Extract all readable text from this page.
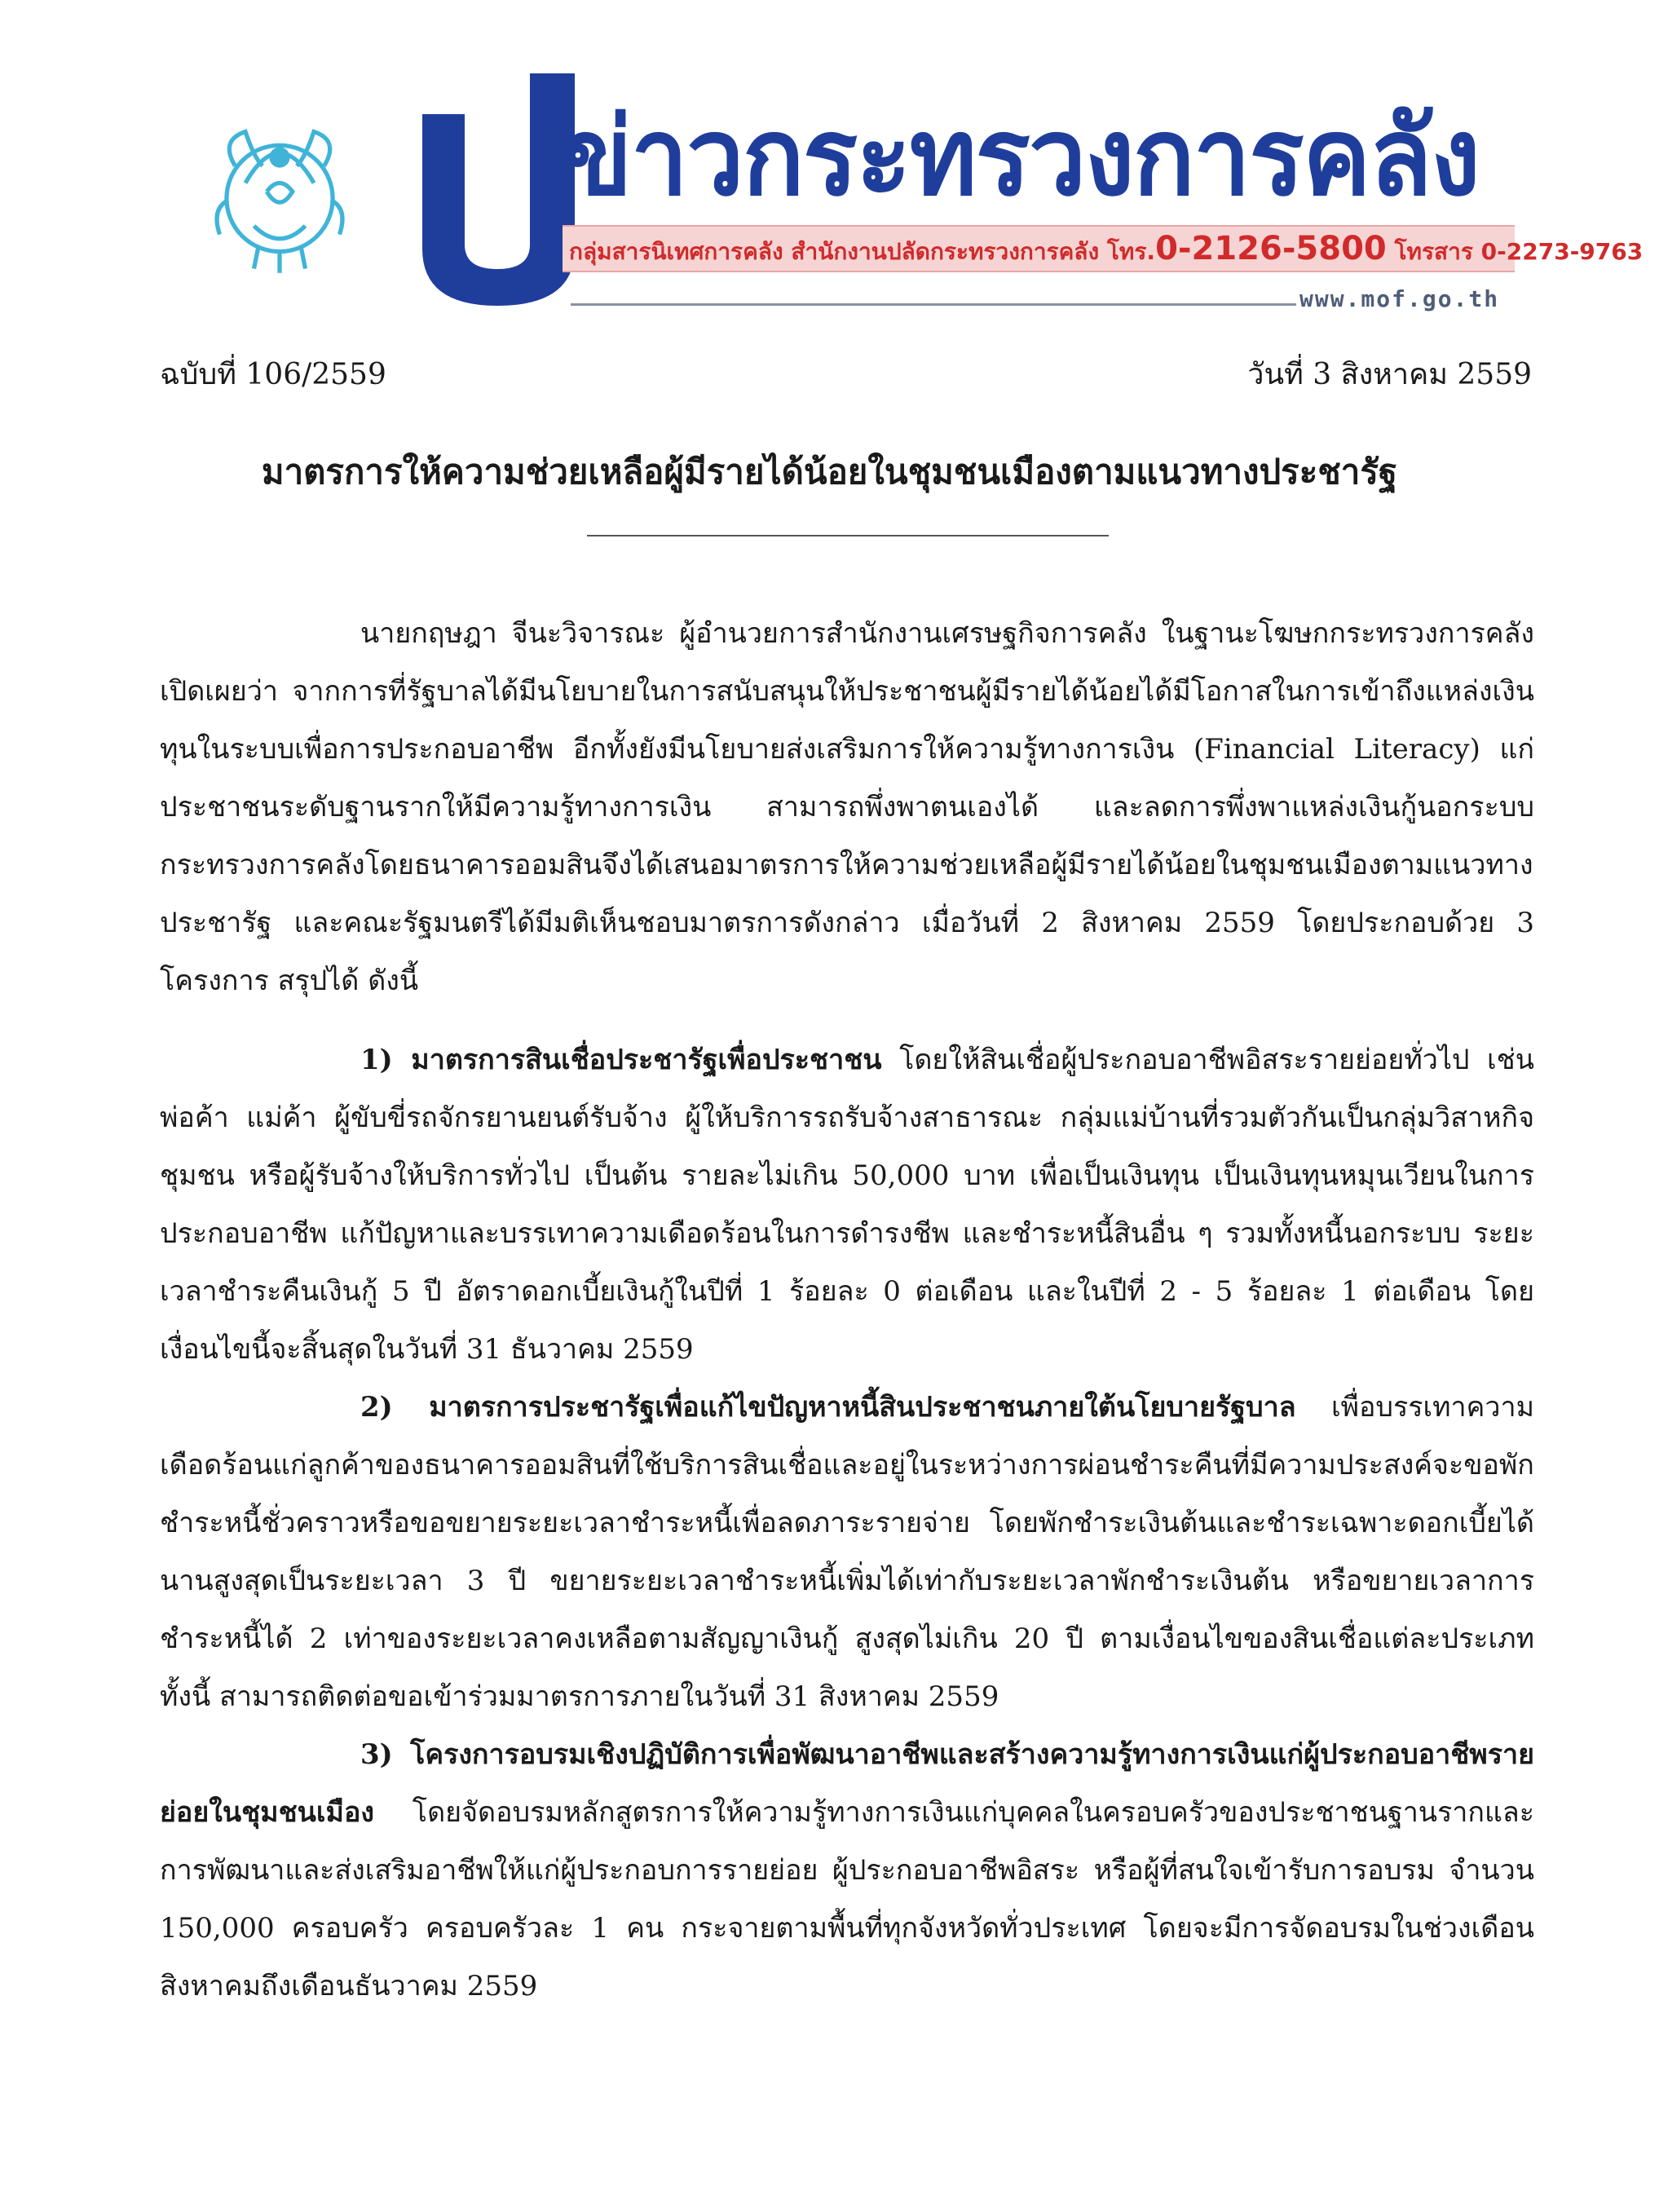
ข่าวกระทรวงการคลัง
กลุ่มสารนิเทศการคลัง สำนักงานปลัดกระทรวงการคลัง โทร.0-2126-5800 โทรสาร 0-2273-9763
www.mof.go.th
ฉบับที่ 106/2559	วันที่ 3 สิงหาคม 2559
มาตรการให้ความช่วยเหลือผู้มีรายได้น้อยในชุมชนเมืองตามแนวทางประชารัฐ

นายกฤษฎา จีนะวิจารณะ ผู้อำนวยการสำนักงานเศรษฐกิจการคลัง ในฐานะโฆษกกระทรวงการคลัง เปิดเผยว่า จากการที่รัฐบาลได้มีนโยบายในการสนับสนุนให้ประชาชนผู้มีรายได้น้อยได้มีโอกาสในการเข้าถึงแหล่งเงินทุนในระบบเพื่อการประกอบอาชีพ อีกทั้งยังมีนโยบายส่งเสริมการให้ความรู้ทางการเงิน (Financial Literacy) แก่ประชาชนระดับฐานรากให้มีความรู้ทางการเงิน สามารถพึ่งพาตนเองได้ และลดการพึ่งพาแหล่งเงินกู้นอกระบบ กระทรวงการคลังโดยธนาคารออมสินจึงได้เสนอมาตรการให้ความช่วยเหลือผู้มีรายได้น้อยในชุมชนเมืองตามแนวทางประชารัฐ และคณะรัฐมนตรีได้มีมติเห็นชอบมาตรการดังกล่าว เมื่อวันที่ 2 สิงหาคม 2559 โดยประกอบด้วย 3 โครงการ สรุปได้ ดังนี้

1) มาตรการสินเชื่อประชารัฐเพื่อประชาชน โดยให้สินเชื่อผู้ประกอบอาชีพอิสระรายย่อยทั่วไป เช่น พ่อค้า แม่ค้า ผู้ขับขี่รถจักรยานยนต์รับจ้าง ผู้ให้บริการรถรับจ้างสาธารณะ กลุ่มแม่บ้านที่รวมตัวกันเป็นกลุ่มวิสาหกิจชุมชน หรือผู้รับจ้างให้บริการทั่วไป เป็นต้น รายละไม่เกิน 50,000 บาท เพื่อเป็นเงินทุน เป็นเงินทุนหมุนเวียนในการประกอบอาชีพ แก้ปัญหาและบรรเทาความเดือดร้อนในการดำรงชีพ และชำระหนี้สินอื่น ๆ รวมทั้งหนี้นอกระบบ ระยะเวลาชำระคืนเงินกู้ 5 ปี อัตราดอกเบี้ยเงินกู้ในปีที่ 1 ร้อยละ 0 ต่อเดือน และในปีที่ 2 - 5 ร้อยละ 1 ต่อเดือน โดยเงื่อนไขนี้จะสิ้นสุดในวันที่ 31 ธันวาคม 2559

2) มาตรการประชารัฐเพื่อแก้ไขปัญหาหนี้สินประชาชนภายใต้นโยบายรัฐบาล เพื่อบรรเทาความเดือดร้อนแก่ลูกค้าของธนาคารออมสินที่ใช้บริการสินเชื่อและอยู่ในระหว่างการผ่อนชำระคืนที่มีความประสงค์จะขอพักชำระหนี้ชั่วคราวหรือขอขยายระยะเวลาชำระหนี้เพื่อลดภาระรายจ่าย โดยพักชำระเงินต้นและชำระเฉพาะดอกเบี้ยได้นานสูงสุดเป็นระยะเวลา 3 ปี ขยายระยะเวลาชำระหนี้เพิ่มได้เท่ากับระยะเวลาพักชำระเงินต้น หรือขยายเวลาการชำระหนี้ได้ 2 เท่าของระยะเวลาคงเหลือตามสัญญาเงินกู้ สูงสุดไม่เกิน 20 ปี ตามเงื่อนไขของสินเชื่อแต่ละประเภท ทั้งนี้ สามารถติดต่อขอเข้าร่วมมาตรการภายในวันที่ 31 สิงหาคม 2559

3) โครงการอบรมเชิงปฏิบัติการเพื่อพัฒนาอาชีพและสร้างความรู้ทางการเงินแก่ผู้ประกอบอาชีพรายย่อยในชุมชนเมือง โดยจัดอบรมหลักสูตรการให้ความรู้ทางการเงินแก่บุคคลในครอบครัวของประชาชนฐานรากและการพัฒนาและส่งเสริมอาชีพให้แก่ผู้ประกอบการรายย่อย ผู้ประกอบอาชีพอิสระ หรือผู้ที่สนใจเข้ารับการอบรม จำนวน 150,000 ครอบครัว ครอบครัวละ 1 คน กระจายตามพื้นที่ทุกจังหวัดทั่วประเทศ โดยจะมีการจัดอบรมในช่วงเดือนสิงหาคมถึงเดือนธันวาคม 2559
